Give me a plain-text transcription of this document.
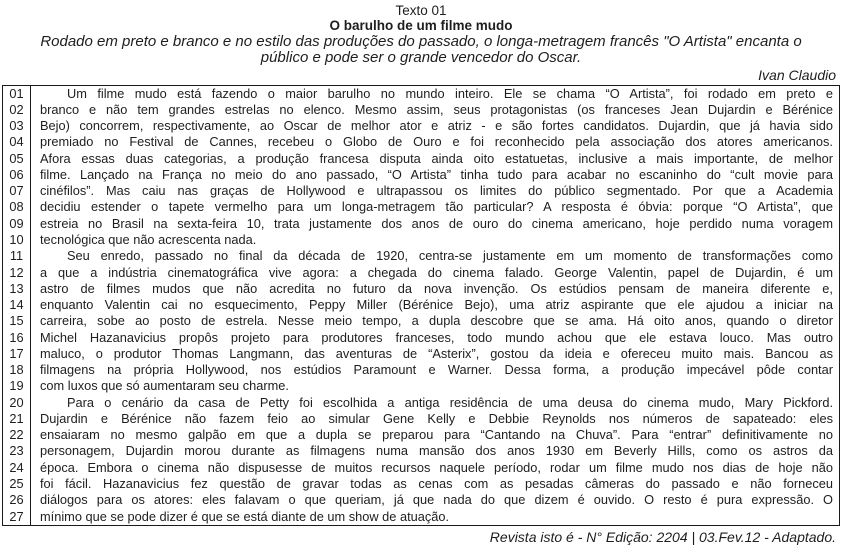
Texto 01
O barulho de um filme mudo
Rodado em preto e branco e no estilo das produções do passado, o longa-metragem francês "O Artista" encanta o público e pode ser o grande vencedor do Oscar.
Ivan Claudio
01	Um filme mudo está fazendo o maior barulho no mundo inteiro. Ele se chama “O Artista”, foi rodado em preto e
02	branco e não tem grandes estrelas no elenco. Mesmo assim, seus protagonistas (os franceses Jean Dujardin e Bérénice
03	Bejo) concorrem, respectivamente, ao Oscar de melhor ator e atriz - e são fortes candidatos. Dujardin, que já havia sido
04	premiado no Festival de Cannes, recebeu o Globo de Ouro e foi reconhecido pela associação dos atores americanos.
05	Afora essas duas categorias, a produção francesa disputa ainda oito estatuetas, inclusive a mais importante, de melhor
06	filme. Lançado na França no meio do ano passado, “O Artista” tinha tudo para acabar no escaninho do “cult movie para
07	cinéfilos”. Mas caiu nas graças de Hollywood e ultrapassou os limites do público segmentado. Por que a Academia
08	decidiu estender o tapete vermelho para um longa-metragem tão particular? A resposta é óbvia: porque “O Artista”, que
09	estreia no Brasil na sexta-feira 10, trata justamente dos anos de ouro do cinema americano, hoje perdido numa voragem
10	tecnológica que não acrescenta nada.
11	Seu enredo, passado no final da década de 1920, centra-se justamente em um momento de transformações como
12	a que a indústria cinematográfica vive agora: a chegada do cinema falado. George Valentin, papel de Dujardin, é um
13	astro de filmes mudos que não acredita no futuro da nova invenção. Os estúdios pensam de maneira diferente e,
14	enquanto Valentin cai no esquecimento, Peppy Miller (Bérénice Bejo), uma atriz aspirante que ele ajudou a iniciar na
15	carreira, sobe ao posto de estrela. Nesse meio tempo, a dupla descobre que se ama. Há oito anos, quando o diretor
16	Michel Hazanavicius propôs projeto para produtores franceses, todo mundo achou que ele estava louco. Mas outro
17	maluco, o produtor Thomas Langmann, das aventuras de “Asterix”, gostou da ideia e ofereceu muito mais. Bancou as
18	filmagens na própria Hollywood, nos estúdios Paramount e Warner. Dessa forma, a produção impecável pôde contar
19	com luxos que só aumentaram seu charme.
20	Para o cenário da casa de Petty foi escolhida a antiga residência de uma deusa do cinema mudo, Mary Pickford.
21	Dujardin e Bérénice não fazem feio ao simular Gene Kelly e Debbie Reynolds nos números de sapateado: eles
22	ensaiaram no mesmo galpão em que a dupla se preparou para “Cantando na Chuva”. Para “entrar” definitivamente no
23	personagem, Dujardin morou durante as filmagens numa mansão dos anos 1930 em Beverly Hills, como os astros da
24	época. Embora o cinema não dispusesse de muitos recursos naquele período, rodar um filme mudo nos dias de hoje não
25	foi fácil. Hazanavicius fez questão de gravar todas as cenas com as pesadas câmeras do passado e não forneceu
26	diálogos para os atores: eles falavam o que queriam, já que nada do que dizem é ouvido. O resto é pura expressão. O
27	mínimo que se pode dizer é que se está diante de um show de atuação.
Revista isto é - N° Edição: 2204 | 03.Fev.12 - Adaptado.
